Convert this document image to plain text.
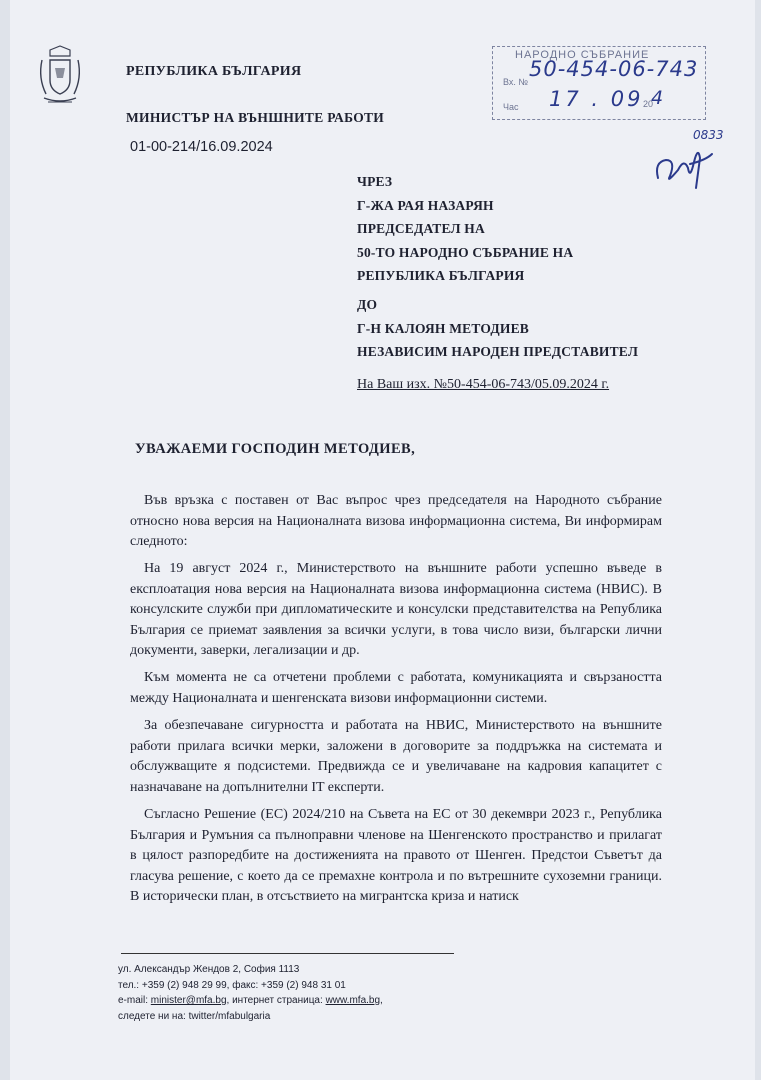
РЕПУБЛИКА БЪЛГАРИЯ
МИНИСТЪР НА ВЪНШНИТЕ РАБОТИ
01-00-214/16.09.2024
НАРОДНО СЪБРАНИЕ
Вх. №
Час	20
50-454-06-743
17 . 09 4
0833
ЧРЕЗ
Г-ЖА РАЯ НАЗАРЯН
ПРЕДСЕДАТЕЛ НА
50-ТО НАРОДНО СЪБРАНИЕ НА
РЕПУБЛИКА БЪЛГАРИЯ
ДО
Г-Н КАЛОЯН МЕТОДИЕВ
НЕЗАВИСИМ НАРОДЕН ПРЕДСТАВИТЕЛ
На Ваш изх. №50-454-06-743/05.09.2024 г.
УВАЖАЕМИ ГОСПОДИН МЕТОДИЕВ,

Във връзка с поставен от Вас въпрос чрез председателя на Народното събрание относно нова версия на Националната визова информационна система, Ви информирам следното:

На 19 август 2024 г., Министерството на външните работи успешно въведе в експлоатация нова версия на Националната визова информационна система (НВИС). В консулските служби при дипломатическите и консулски представителства на Република България се приемат заявления за всички услуги, в това число визи, български лични документи, заверки, легализации и др.

Към момента не са отчетени проблеми с работата, комуникацията и свързаността между Националната и шенгенската визови информационни системи.

За обезпечаване сигурността и работата на НВИС, Министерството на външните работи прилага всички мерки, заложени в договорите за поддръжка на системата и обслужващите я подсистеми. Предвижда се и увеличаване на кадровия капацитет с назначаване на допълнителни IT експерти.

Съгласно Решение (ЕС) 2024/210 на Съвета на ЕС от 30 декември 2023 г., Република България и Румъния са пълноправни членове на Шенгенското пространство и прилагат в цялост разпоредбите на достиженията на правото от Шенген. Предстои Съветът да гласува решение, с което да се премахне контрола и по вътрешните сухоземни граници. В исторически план, в отсъствието на мигрантска криза и натиск

ул. Александър Жендов 2, София 1113
тел.: +359 (2) 948 29 99, факс: +359 (2) 948 31 01
e-mail: minister@mfa.bg, интернет страница: www.mfa.bg,
следете ни на: twitter/mfabulgaria
